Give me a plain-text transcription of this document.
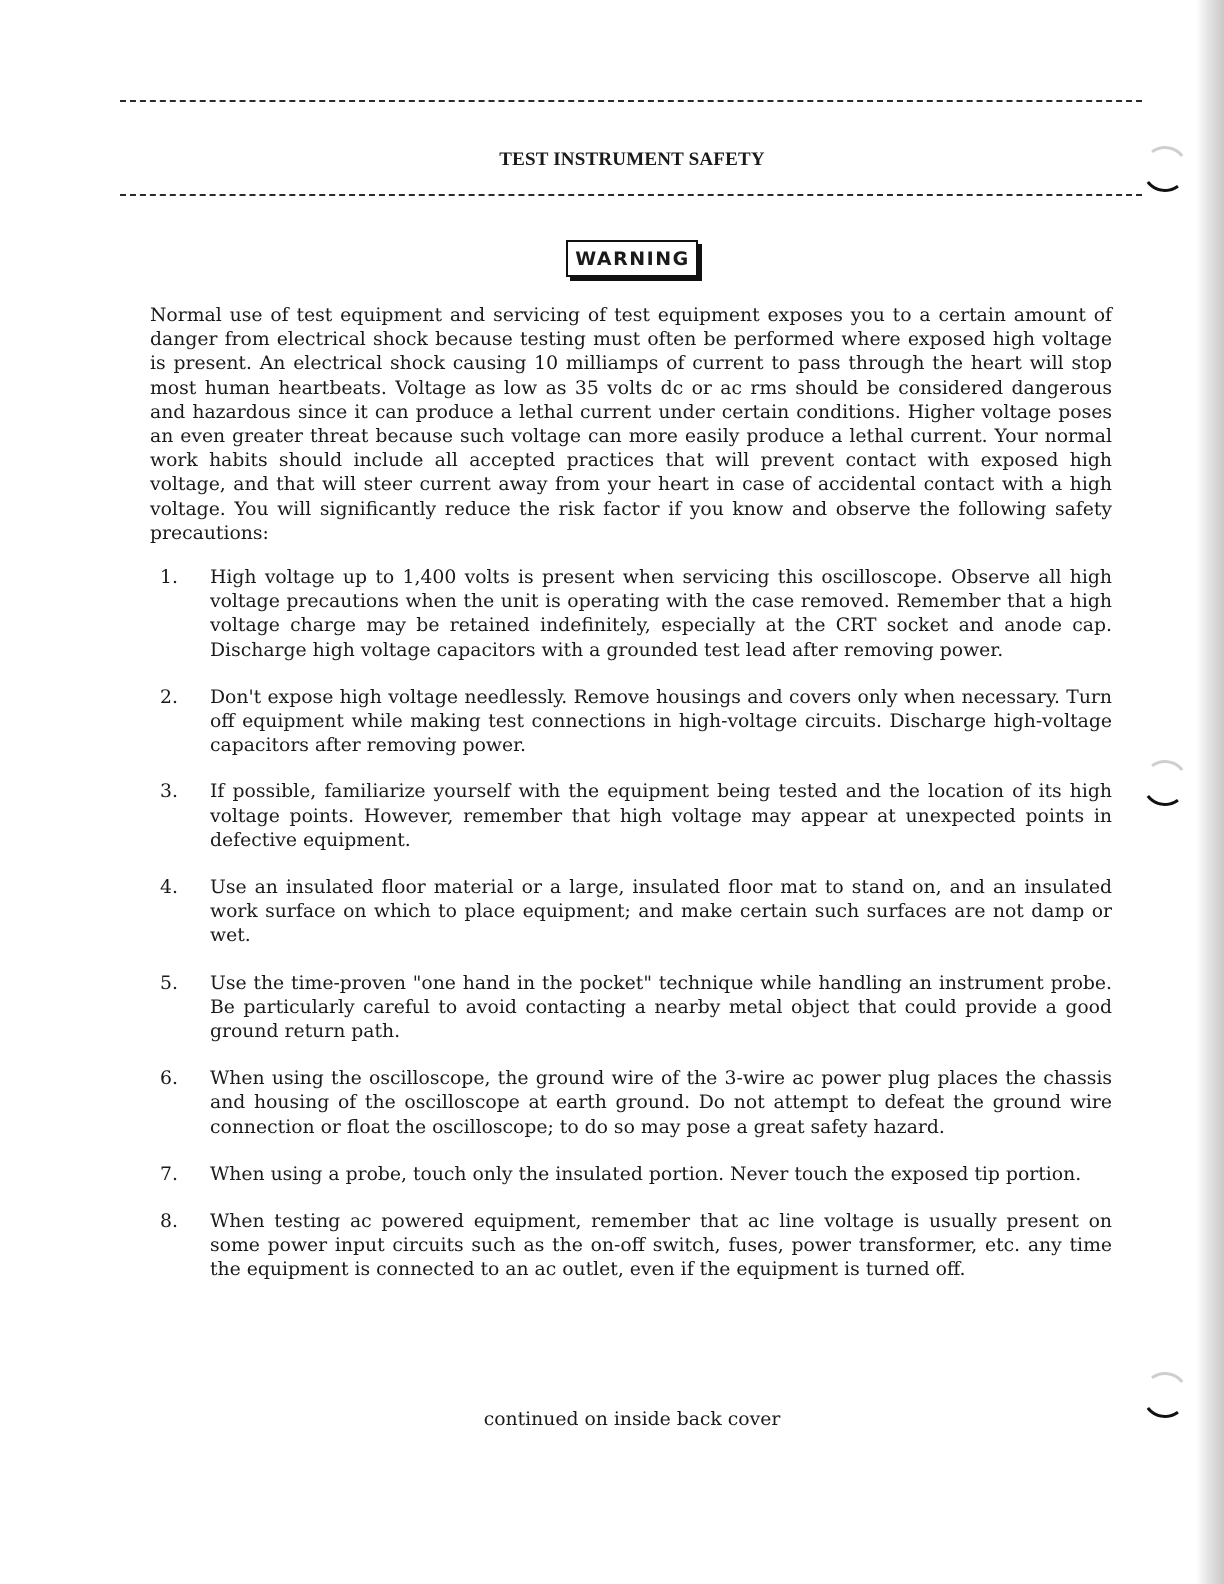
TEST INSTRUMENT SAFETY
WARNING

Normal use of test equipment and servicing of test equipment exposes you to a certain amount of danger from electrical shock because testing must often be performed where exposed high voltage is present. An electrical shock causing 10 milliamps of current to pass through the heart will stop most human heartbeats. Voltage as low as 35 volts dc or ac rms should be considered dangerous and hazardous since it can produce a lethal current under certain conditions. Higher voltage poses an even greater threat because such voltage can more easily produce a lethal current. Your normal work habits should include all accepted practices that will prevent contact with exposed high voltage, and that will steer current away from your heart in case of accidental contact with a high voltage. You will significantly reduce the risk factor if you know and observe the following safety precautions:

1.	High voltage up to 1,400 volts is present when servicing this oscilloscope. Observe all high voltage precautions when the unit is operating with the case removed. Remember that a high voltage charge may be retained indefinitely, especially at the CRT socket and anode cap. Discharge high voltage capacitors with a grounded test lead after removing power.
2.	Don't expose high voltage needlessly. Remove housings and covers only when necessary. Turn off equipment while making test connections in high-voltage circuits. Discharge high-voltage capacitors after removing power.
3.	If possible, familiarize yourself with the equipment being tested and the location of its high voltage points. However, remember that high voltage may appear at unexpected points in defective equipment.
4.	Use an insulated floor material or a large, insulated floor mat to stand on, and an insulated work surface on which to place equipment; and make certain such surfaces are not damp or wet.
5.	Use the time-proven "one hand in the pocket" technique while handling an instrument probe. Be particularly careful to avoid contacting a nearby metal object that could provide a good ground return path.
6.	When using the oscilloscope, the ground wire of the 3-wire ac power plug places the chassis and housing of the oscilloscope at earth ground. Do not attempt to defeat the ground wire connection or float the oscilloscope; to do so may pose a great safety hazard.
7.	When using a probe, touch only the insulated portion. Never touch the exposed tip portion.
8.	When testing ac powered equipment, remember that ac line voltage is usually present on some power input circuits such as the on-off switch, fuses, power transformer, etc. any time the equipment is connected to an ac outlet, even if the equipment is turned off.
continued on inside back cover
